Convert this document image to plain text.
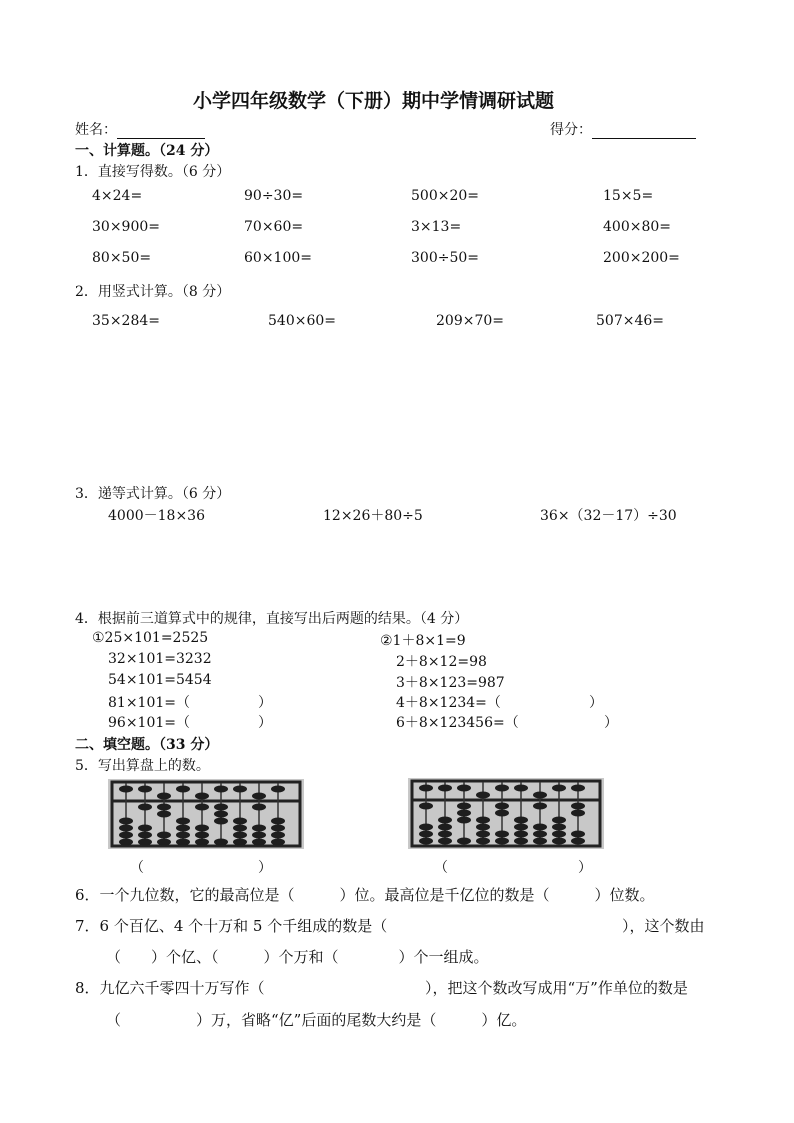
小学四年级数学（下册）期中学情调研试题
姓名：	得分：
一、计算题。（24 分）
1．直接写得数。（6 分）
4×24=	90÷30=	500×20=	15×5=
30×900=	70×60=	3×13=	400×80=
80×50=	60×100=	300÷50=	200×200=
2．用竖式计算。（8 分）
35×284=	540×60=	209×70=	507×46=
3．递等式计算。（6 分）
4000－18×36	12×26＋80÷5	36×（32－17）÷30
4．根据前三道算式中的规律，直接写出后两题的结果。（4 分）
①25×101=2525
32×101=3232
54×101=5454
81×101=（	）
96×101=（	）
②1＋8×1=9
2＋8×12=98
3＋8×123=987
4＋8×1234=（	）
6＋8×123456=（	）
二、填空题。（33 分）
5．写出算盘上的数。
（	）	（	）
6．一个九位数，它的最高位是（　　　）位。最高位是千亿位的数是（　　　）位数。
7．6 个百亿、4 个十万和 5 个千组成的数是（	），这个数由
（　　）个亿、（　　　）个万和（　　　　）个一组成。
8．九亿六千零四十万写作（	），把这个数改写成用“万”作单位的数是
（　　　　　）万，省略“亿”后面的尾数大约是（　　　）亿。
